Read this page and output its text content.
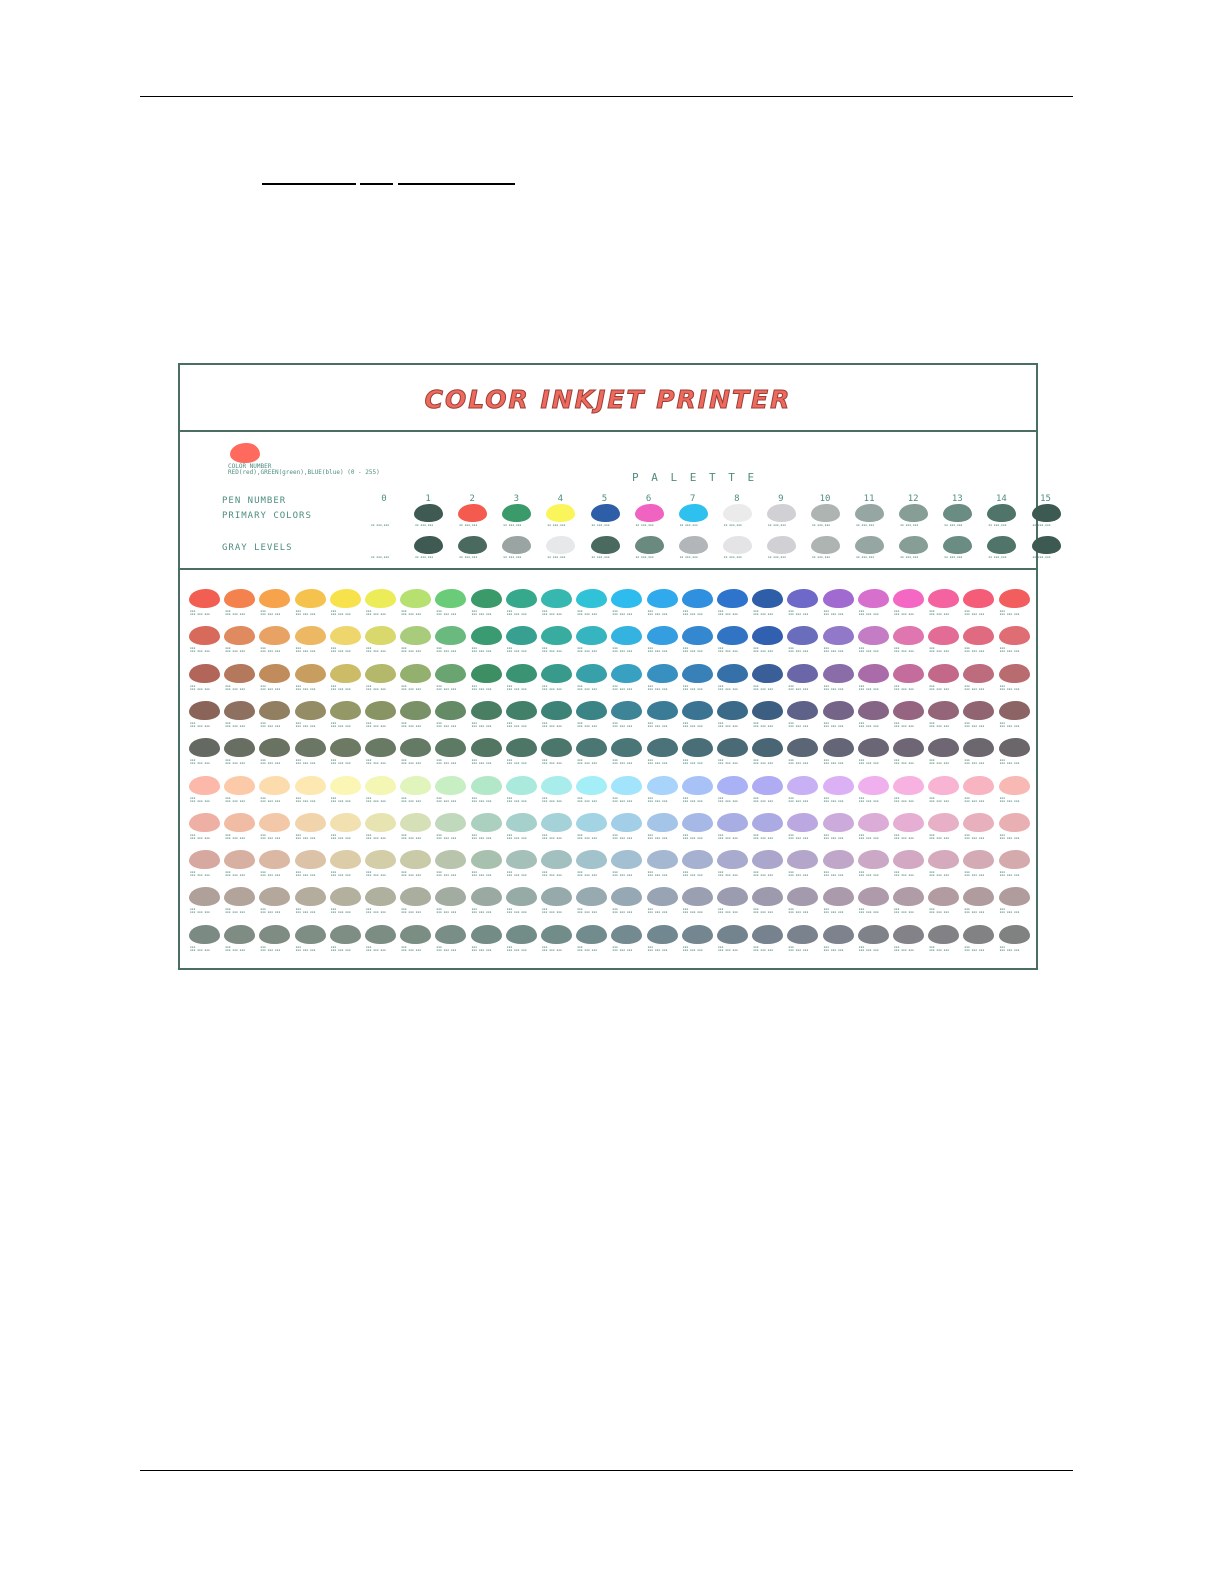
COLOR INKJET PRINTER
COLOR NUMBER
RED(red),GREEN(green),BLUE(blue) (0 - 255)	P A L E T T E
PEN NUMBER
PRIMARY COLORS
GRAY LEVELS
0
▪▪ ▪▪▪,▪▪▪
▪▪ ▪▪▪,▪▪▪
1
▪▪ ▪▪▪,▪▪▪
▪▪ ▪▪▪,▪▪▪
2
▪▪ ▪▪▪,▪▪▪
▪▪ ▪▪▪,▪▪▪
3
▪▪ ▪▪▪,▪▪▪
▪▪ ▪▪▪,▪▪▪
4
▪▪ ▪▪▪,▪▪▪
▪▪ ▪▪▪,▪▪▪
5
▪▪ ▪▪▪,▪▪▪
▪▪ ▪▪▪,▪▪▪
6
▪▪ ▪▪▪,▪▪▪
▪▪ ▪▪▪,▪▪▪
7
▪▪ ▪▪▪,▪▪▪
▪▪ ▪▪▪,▪▪▪
8
▪▪ ▪▪▪,▪▪▪
▪▪ ▪▪▪,▪▪▪
9
▪▪ ▪▪▪,▪▪▪
▪▪ ▪▪▪,▪▪▪
10
▪▪ ▪▪▪,▪▪▪
▪▪ ▪▪▪,▪▪▪
11
▪▪ ▪▪▪,▪▪▪
▪▪ ▪▪▪,▪▪▪
12
▪▪ ▪▪▪,▪▪▪
▪▪ ▪▪▪,▪▪▪
13
▪▪ ▪▪▪,▪▪▪
▪▪ ▪▪▪,▪▪▪
14
▪▪ ▪▪▪,▪▪▪
▪▪ ▪▪▪,▪▪▪
15
▪▪ ▪▪▪,▪▪▪
▪▪ ▪▪▪,▪▪▪
▪▪▪
▪▪▪ ▪▪▪ ▪▪▪
▪▪▪
▪▪▪ ▪▪▪ ▪▪▪
▪▪▪
▪▪▪ ▪▪▪ ▪▪▪
▪▪▪
▪▪▪ ▪▪▪ ▪▪▪
▪▪▪
▪▪▪ ▪▪▪ ▪▪▪
▪▪▪
▪▪▪ ▪▪▪ ▪▪▪
▪▪▪
▪▪▪ ▪▪▪ ▪▪▪
▪▪▪
▪▪▪ ▪▪▪ ▪▪▪
▪▪▪
▪▪▪ ▪▪▪ ▪▪▪
▪▪▪
▪▪▪ ▪▪▪ ▪▪▪
▪▪▪
▪▪▪ ▪▪▪ ▪▪▪
▪▪▪
▪▪▪ ▪▪▪ ▪▪▪
▪▪▪
▪▪▪ ▪▪▪ ▪▪▪
▪▪▪
▪▪▪ ▪▪▪ ▪▪▪
▪▪▪
▪▪▪ ▪▪▪ ▪▪▪
▪▪▪
▪▪▪ ▪▪▪ ▪▪▪
▪▪▪
▪▪▪ ▪▪▪ ▪▪▪
▪▪▪
▪▪▪ ▪▪▪ ▪▪▪
▪▪▪
▪▪▪ ▪▪▪ ▪▪▪
▪▪▪
▪▪▪ ▪▪▪ ▪▪▪
▪▪▪
▪▪▪ ▪▪▪ ▪▪▪
▪▪▪
▪▪▪ ▪▪▪ ▪▪▪
▪▪▪
▪▪▪ ▪▪▪ ▪▪▪
▪▪▪
▪▪▪ ▪▪▪ ▪▪▪
▪▪▪
▪▪▪ ▪▪▪ ▪▪▪
▪▪▪
▪▪▪ ▪▪▪ ▪▪▪
▪▪▪
▪▪▪ ▪▪▪ ▪▪▪
▪▪▪
▪▪▪ ▪▪▪ ▪▪▪
▪▪▪
▪▪▪ ▪▪▪ ▪▪▪
▪▪▪
▪▪▪ ▪▪▪ ▪▪▪
▪▪▪
▪▪▪ ▪▪▪ ▪▪▪
▪▪▪
▪▪▪ ▪▪▪ ▪▪▪
▪▪▪
▪▪▪ ▪▪▪ ▪▪▪
▪▪▪
▪▪▪ ▪▪▪ ▪▪▪
▪▪▪
▪▪▪ ▪▪▪ ▪▪▪
▪▪▪
▪▪▪ ▪▪▪ ▪▪▪
▪▪▪
▪▪▪ ▪▪▪ ▪▪▪
▪▪▪
▪▪▪ ▪▪▪ ▪▪▪
▪▪▪
▪▪▪ ▪▪▪ ▪▪▪
▪▪▪
▪▪▪ ▪▪▪ ▪▪▪
▪▪▪
▪▪▪ ▪▪▪ ▪▪▪
▪▪▪
▪▪▪ ▪▪▪ ▪▪▪
▪▪▪
▪▪▪ ▪▪▪ ▪▪▪
▪▪▪
▪▪▪ ▪▪▪ ▪▪▪
▪▪▪
▪▪▪ ▪▪▪ ▪▪▪
▪▪▪
▪▪▪ ▪▪▪ ▪▪▪
▪▪▪
▪▪▪ ▪▪▪ ▪▪▪
▪▪▪
▪▪▪ ▪▪▪ ▪▪▪
▪▪▪
▪▪▪ ▪▪▪ ▪▪▪
▪▪▪
▪▪▪ ▪▪▪ ▪▪▪
▪▪▪
▪▪▪ ▪▪▪ ▪▪▪
▪▪▪
▪▪▪ ▪▪▪ ▪▪▪
▪▪▪
▪▪▪ ▪▪▪ ▪▪▪
▪▪▪
▪▪▪ ▪▪▪ ▪▪▪
▪▪▪
▪▪▪ ▪▪▪ ▪▪▪
▪▪▪
▪▪▪ ▪▪▪ ▪▪▪
▪▪▪
▪▪▪ ▪▪▪ ▪▪▪
▪▪▪
▪▪▪ ▪▪▪ ▪▪▪
▪▪▪
▪▪▪ ▪▪▪ ▪▪▪
▪▪▪
▪▪▪ ▪▪▪ ▪▪▪
▪▪▪
▪▪▪ ▪▪▪ ▪▪▪
▪▪▪
▪▪▪ ▪▪▪ ▪▪▪
▪▪▪
▪▪▪ ▪▪▪ ▪▪▪
▪▪▪
▪▪▪ ▪▪▪ ▪▪▪
▪▪▪
▪▪▪ ▪▪▪ ▪▪▪
▪▪▪
▪▪▪ ▪▪▪ ▪▪▪
▪▪▪
▪▪▪ ▪▪▪ ▪▪▪
▪▪▪
▪▪▪ ▪▪▪ ▪▪▪
▪▪▪
▪▪▪ ▪▪▪ ▪▪▪
▪▪▪
▪▪▪ ▪▪▪ ▪▪▪
▪▪▪
▪▪▪ ▪▪▪ ▪▪▪
▪▪▪
▪▪▪ ▪▪▪ ▪▪▪
▪▪▪
▪▪▪ ▪▪▪ ▪▪▪
▪▪▪
▪▪▪ ▪▪▪ ▪▪▪
▪▪▪
▪▪▪ ▪▪▪ ▪▪▪
▪▪▪
▪▪▪ ▪▪▪ ▪▪▪
▪▪▪
▪▪▪ ▪▪▪ ▪▪▪
▪▪▪
▪▪▪ ▪▪▪ ▪▪▪
▪▪▪
▪▪▪ ▪▪▪ ▪▪▪
▪▪▪
▪▪▪ ▪▪▪ ▪▪▪
▪▪▪
▪▪▪ ▪▪▪ ▪▪▪
▪▪▪
▪▪▪ ▪▪▪ ▪▪▪
▪▪▪
▪▪▪ ▪▪▪ ▪▪▪
▪▪▪
▪▪▪ ▪▪▪ ▪▪▪
▪▪▪
▪▪▪ ▪▪▪ ▪▪▪
▪▪▪
▪▪▪ ▪▪▪ ▪▪▪
▪▪▪
▪▪▪ ▪▪▪ ▪▪▪
▪▪▪
▪▪▪ ▪▪▪ ▪▪▪
▪▪▪
▪▪▪ ▪▪▪ ▪▪▪
▪▪▪
▪▪▪ ▪▪▪ ▪▪▪
▪▪▪
▪▪▪ ▪▪▪ ▪▪▪
▪▪▪
▪▪▪ ▪▪▪ ▪▪▪
▪▪▪
▪▪▪ ▪▪▪ ▪▪▪
▪▪▪
▪▪▪ ▪▪▪ ▪▪▪
▪▪▪
▪▪▪ ▪▪▪ ▪▪▪
▪▪▪
▪▪▪ ▪▪▪ ▪▪▪
▪▪▪
▪▪▪ ▪▪▪ ▪▪▪
▪▪▪
▪▪▪ ▪▪▪ ▪▪▪
▪▪▪
▪▪▪ ▪▪▪ ▪▪▪
▪▪▪
▪▪▪ ▪▪▪ ▪▪▪
▪▪▪
▪▪▪ ▪▪▪ ▪▪▪
▪▪▪
▪▪▪ ▪▪▪ ▪▪▪
▪▪▪
▪▪▪ ▪▪▪ ▪▪▪
▪▪▪
▪▪▪ ▪▪▪ ▪▪▪
▪▪▪
▪▪▪ ▪▪▪ ▪▪▪
▪▪▪
▪▪▪ ▪▪▪ ▪▪▪
▪▪▪
▪▪▪ ▪▪▪ ▪▪▪
▪▪▪
▪▪▪ ▪▪▪ ▪▪▪
▪▪▪
▪▪▪ ▪▪▪ ▪▪▪
▪▪▪
▪▪▪ ▪▪▪ ▪▪▪
▪▪▪
▪▪▪ ▪▪▪ ▪▪▪
▪▪▪
▪▪▪ ▪▪▪ ▪▪▪
▪▪▪
▪▪▪ ▪▪▪ ▪▪▪
▪▪▪
▪▪▪ ▪▪▪ ▪▪▪
▪▪▪
▪▪▪ ▪▪▪ ▪▪▪
▪▪▪
▪▪▪ ▪▪▪ ▪▪▪
▪▪▪
▪▪▪ ▪▪▪ ▪▪▪
▪▪▪
▪▪▪ ▪▪▪ ▪▪▪
▪▪▪
▪▪▪ ▪▪▪ ▪▪▪
▪▪▪
▪▪▪ ▪▪▪ ▪▪▪
▪▪▪
▪▪▪ ▪▪▪ ▪▪▪
▪▪▪
▪▪▪ ▪▪▪ ▪▪▪
▪▪▪
▪▪▪ ▪▪▪ ▪▪▪
▪▪▪
▪▪▪ ▪▪▪ ▪▪▪
▪▪▪
▪▪▪ ▪▪▪ ▪▪▪
▪▪▪
▪▪▪ ▪▪▪ ▪▪▪
▪▪▪
▪▪▪ ▪▪▪ ▪▪▪
▪▪▪
▪▪▪ ▪▪▪ ▪▪▪
▪▪▪
▪▪▪ ▪▪▪ ▪▪▪
▪▪▪
▪▪▪ ▪▪▪ ▪▪▪
▪▪▪
▪▪▪ ▪▪▪ ▪▪▪
▪▪▪
▪▪▪ ▪▪▪ ▪▪▪
▪▪▪
▪▪▪ ▪▪▪ ▪▪▪
▪▪▪
▪▪▪ ▪▪▪ ▪▪▪
▪▪▪
▪▪▪ ▪▪▪ ▪▪▪
▪▪▪
▪▪▪ ▪▪▪ ▪▪▪
▪▪▪
▪▪▪ ▪▪▪ ▪▪▪
▪▪▪
▪▪▪ ▪▪▪ ▪▪▪
▪▪▪
▪▪▪ ▪▪▪ ▪▪▪
▪▪▪
▪▪▪ ▪▪▪ ▪▪▪
▪▪▪
▪▪▪ ▪▪▪ ▪▪▪
▪▪▪
▪▪▪ ▪▪▪ ▪▪▪
▪▪▪
▪▪▪ ▪▪▪ ▪▪▪
▪▪▪
▪▪▪ ▪▪▪ ▪▪▪
▪▪▪
▪▪▪ ▪▪▪ ▪▪▪
▪▪▪
▪▪▪ ▪▪▪ ▪▪▪
▪▪▪
▪▪▪ ▪▪▪ ▪▪▪
▪▪▪
▪▪▪ ▪▪▪ ▪▪▪
▪▪▪
▪▪▪ ▪▪▪ ▪▪▪
▪▪▪
▪▪▪ ▪▪▪ ▪▪▪
▪▪▪
▪▪▪ ▪▪▪ ▪▪▪
▪▪▪
▪▪▪ ▪▪▪ ▪▪▪
▪▪▪
▪▪▪ ▪▪▪ ▪▪▪
▪▪▪
▪▪▪ ▪▪▪ ▪▪▪
▪▪▪
▪▪▪ ▪▪▪ ▪▪▪
▪▪▪
▪▪▪ ▪▪▪ ▪▪▪
▪▪▪
▪▪▪ ▪▪▪ ▪▪▪
▪▪▪
▪▪▪ ▪▪▪ ▪▪▪
▪▪▪
▪▪▪ ▪▪▪ ▪▪▪
▪▪▪
▪▪▪ ▪▪▪ ▪▪▪
▪▪▪
▪▪▪ ▪▪▪ ▪▪▪
▪▪▪
▪▪▪ ▪▪▪ ▪▪▪
▪▪▪
▪▪▪ ▪▪▪ ▪▪▪
▪▪▪
▪▪▪ ▪▪▪ ▪▪▪
▪▪▪
▪▪▪ ▪▪▪ ▪▪▪
▪▪▪
▪▪▪ ▪▪▪ ▪▪▪
▪▪▪
▪▪▪ ▪▪▪ ▪▪▪
▪▪▪
▪▪▪ ▪▪▪ ▪▪▪
▪▪▪
▪▪▪ ▪▪▪ ▪▪▪
▪▪▪
▪▪▪ ▪▪▪ ▪▪▪
▪▪▪
▪▪▪ ▪▪▪ ▪▪▪
▪▪▪
▪▪▪ ▪▪▪ ▪▪▪
▪▪▪
▪▪▪ ▪▪▪ ▪▪▪
▪▪▪
▪▪▪ ▪▪▪ ▪▪▪
▪▪▪
▪▪▪ ▪▪▪ ▪▪▪
▪▪▪
▪▪▪ ▪▪▪ ▪▪▪
▪▪▪
▪▪▪ ▪▪▪ ▪▪▪
▪▪▪
▪▪▪ ▪▪▪ ▪▪▪
▪▪▪
▪▪▪ ▪▪▪ ▪▪▪
▪▪▪
▪▪▪ ▪▪▪ ▪▪▪
▪▪▪
▪▪▪ ▪▪▪ ▪▪▪
▪▪▪
▪▪▪ ▪▪▪ ▪▪▪
▪▪▪
▪▪▪ ▪▪▪ ▪▪▪
▪▪▪
▪▪▪ ▪▪▪ ▪▪▪
▪▪▪
▪▪▪ ▪▪▪ ▪▪▪
▪▪▪
▪▪▪ ▪▪▪ ▪▪▪
▪▪▪
▪▪▪ ▪▪▪ ▪▪▪
▪▪▪
▪▪▪ ▪▪▪ ▪▪▪
▪▪▪
▪▪▪ ▪▪▪ ▪▪▪
▪▪▪
▪▪▪ ▪▪▪ ▪▪▪
▪▪▪
▪▪▪ ▪▪▪ ▪▪▪
▪▪▪
▪▪▪ ▪▪▪ ▪▪▪
▪▪▪
▪▪▪ ▪▪▪ ▪▪▪
▪▪▪
▪▪▪ ▪▪▪ ▪▪▪
▪▪▪
▪▪▪ ▪▪▪ ▪▪▪
▪▪▪
▪▪▪ ▪▪▪ ▪▪▪
▪▪▪
▪▪▪ ▪▪▪ ▪▪▪
▪▪▪
▪▪▪ ▪▪▪ ▪▪▪
▪▪▪
▪▪▪ ▪▪▪ ▪▪▪
▪▪▪
▪▪▪ ▪▪▪ ▪▪▪
▪▪▪
▪▪▪ ▪▪▪ ▪▪▪
▪▪▪
▪▪▪ ▪▪▪ ▪▪▪
▪▪▪
▪▪▪ ▪▪▪ ▪▪▪
▪▪▪
▪▪▪ ▪▪▪ ▪▪▪
▪▪▪
▪▪▪ ▪▪▪ ▪▪▪
▪▪▪
▪▪▪ ▪▪▪ ▪▪▪
▪▪▪
▪▪▪ ▪▪▪ ▪▪▪
▪▪▪
▪▪▪ ▪▪▪ ▪▪▪
▪▪▪
▪▪▪ ▪▪▪ ▪▪▪
▪▪▪
▪▪▪ ▪▪▪ ▪▪▪
▪▪▪
▪▪▪ ▪▪▪ ▪▪▪
▪▪▪
▪▪▪ ▪▪▪ ▪▪▪
▪▪▪
▪▪▪ ▪▪▪ ▪▪▪
▪▪▪
▪▪▪ ▪▪▪ ▪▪▪
▪▪▪
▪▪▪ ▪▪▪ ▪▪▪
▪▪▪
▪▪▪ ▪▪▪ ▪▪▪
▪▪▪
▪▪▪ ▪▪▪ ▪▪▪
▪▪▪
▪▪▪ ▪▪▪ ▪▪▪
▪▪▪
▪▪▪ ▪▪▪ ▪▪▪
▪▪▪
▪▪▪ ▪▪▪ ▪▪▪
▪▪▪
▪▪▪ ▪▪▪ ▪▪▪
▪▪▪
▪▪▪ ▪▪▪ ▪▪▪
▪▪▪
▪▪▪ ▪▪▪ ▪▪▪
▪▪▪
▪▪▪ ▪▪▪ ▪▪▪
▪▪▪
▪▪▪ ▪▪▪ ▪▪▪
▪▪▪
▪▪▪ ▪▪▪ ▪▪▪
▪▪▪
▪▪▪ ▪▪▪ ▪▪▪
▪▪▪
▪▪▪ ▪▪▪ ▪▪▪
▪▪▪
▪▪▪ ▪▪▪ ▪▪▪
▪▪▪
▪▪▪ ▪▪▪ ▪▪▪
▪▪▪
▪▪▪ ▪▪▪ ▪▪▪
▪▪▪
▪▪▪ ▪▪▪ ▪▪▪
▪▪▪
▪▪▪ ▪▪▪ ▪▪▪
▪▪▪
▪▪▪ ▪▪▪ ▪▪▪
▪▪▪
▪▪▪ ▪▪▪ ▪▪▪
▪▪▪
▪▪▪ ▪▪▪ ▪▪▪
▪▪▪
▪▪▪ ▪▪▪ ▪▪▪
▪▪▪
▪▪▪ ▪▪▪ ▪▪▪
▪▪▪
▪▪▪ ▪▪▪ ▪▪▪
▪▪▪
▪▪▪ ▪▪▪ ▪▪▪
